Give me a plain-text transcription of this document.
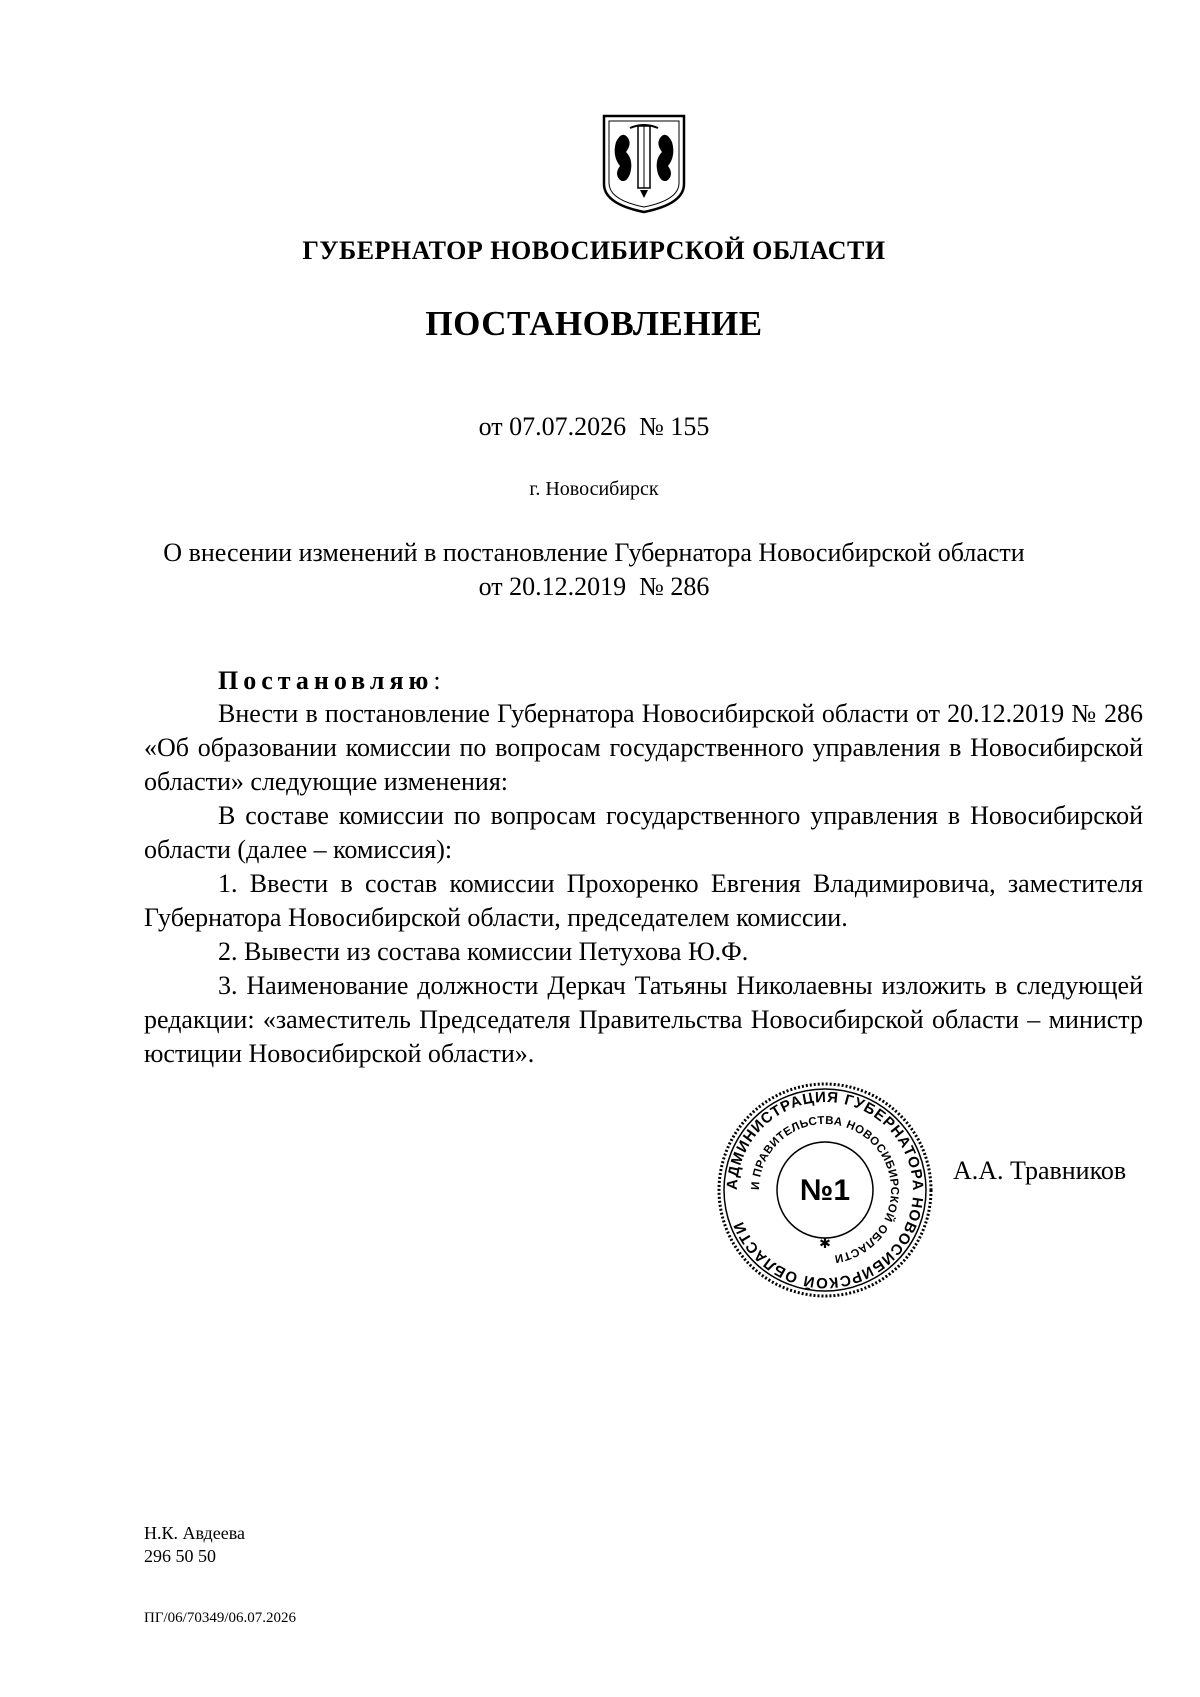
ГУБЕРНАТОР НОВОСИБИРСКОЙ ОБЛАСТИ
ПОСТАНОВЛЕНИЕ
от 07.07.2026  № 155
г. Новосибирск
О внесении изменений в постановление Губернатора Новосибирской области
от 20.12.2019  № 286
Постановляю:

Внести в постановление Губернатора Новосибирской области от 20.12.2019 № 286 «Об образовании комиссии по вопросам государственного управления в Новосибирской области» следующие изменения:

В составе комиссии по вопросам государственного управления в Новосибирской области (далее – комиссия):

1. Ввести в состав комиссии Прохоренко Евгения Владимировича, заместителя Губернатора Новосибирской области, председателем комиссии.

2. Вывести из состава комиссии Петухова Ю.Ф.

3. Наименование должности Деркач Татьяны Николаевны изложить в следующей редакции: «заместитель Председателя Правительства Новосибирской области – министр юстиции Новосибирской области».

АДМИНИСТРАЦИЯ ГУБЕРНАТОРА НОВОСИБИРСКОЙ ОБЛАСТИ
И ПРАВИТЕЛЬСТВА НОВОСИБИРСКОЙ ОБЛАСТИ
№1
✱
А.А. Травников
Н.К. Авдеева
296 50 50
ПГ/06/70349/06.07.2026
